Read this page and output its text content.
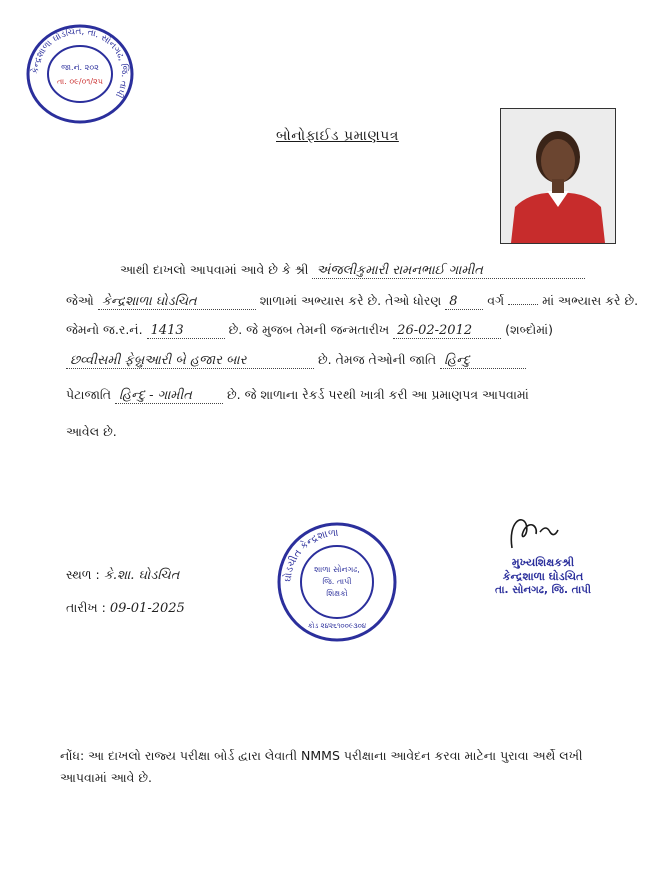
કેન્દ્રશાળા ઘોડચિત, તા. સોનગઢ, જિ. તાપી
જા.નં. ૨૦૨
તા. ૦૯/૦૧/૨૫
બોનોફાઈડ પ્રમાણપત્ર
આથી દાખલો આપવામાં આવે છે કે શ્રી અંજલીકુમારી રામનભાઈ ગામીત
જેઓ કેન્દ્રશાળા ઘોડચિત	શાળામાં અભ્યાસ કરે છે. તેઓ ધોરણ 8 વર્ગ	માં અભ્યાસ કરે છે.
જેમનો જ.ર.નં. 1413	છે. જે મુજબ તેમની જન્મતારીખ 26-02-2012	(શબ્દોમાં)
છવ્વીસમી ફેબ્રુઆરી બે હજાર બાર	છે. તેમજ તેઓની જાતિ હિન્દુ
પેટાજાતિ હિન્દુ - ગામીત	છે. જે શાળાના રેકર્ડ પરથી ખાત્રી કરી આ પ્રમાણપત્ર આપવામાં
આવેલ છે.
સ્થળ : કે.શા. ઘોડચિત
તારીખ : 09-01-2025
ઘોડચીત કેન્દ્રશાળા
શાળા સોનગઢ,
જિ. તાપી
શિક્ષકો
કોડ ૨૪૨૬૧૦૦૯૩૦૪
મુખ્યશિક્ષકશ્રી
કેન્દ્રશાળા ઘોડચિત
તા. સોનગઢ, જિ. તાપી
નોંધ: આ દાખલો રાજ્ય પરીક્ષા બોર્ડ દ્વારા લેવાતી NMMS પરીક્ષાના આવેદન કરવા માટેના પુરાવા અર્થે લખી
આપવામાં આવે છે.
